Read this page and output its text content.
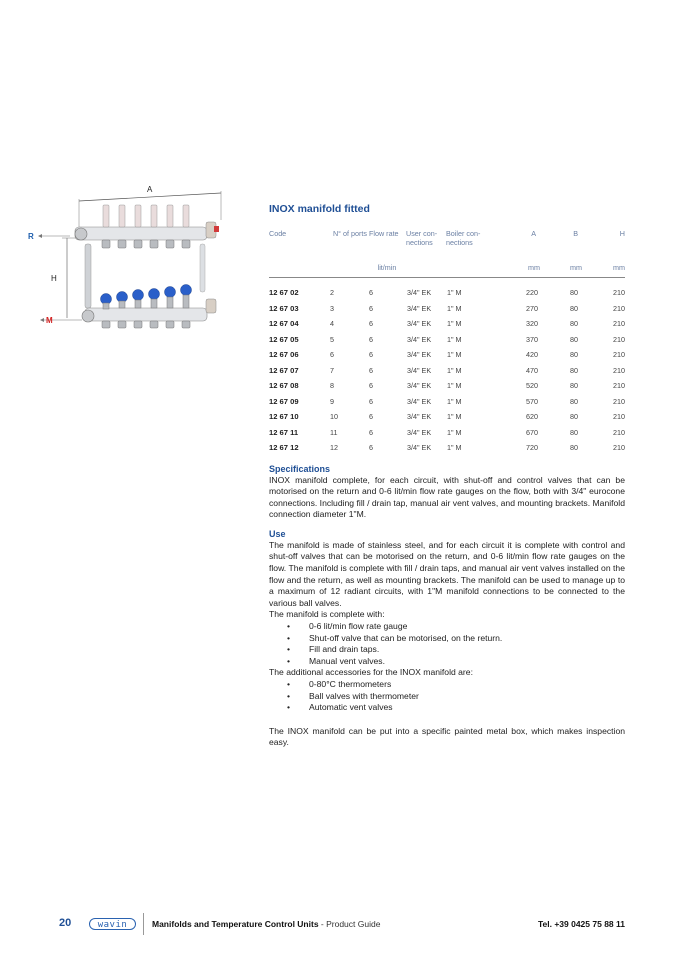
A
R
M
H
INOX manifold fitted
Code	N° of ports	Flow rate	User con-
nections	Boiler con-
nections	A	B	H
		lit/min			mm	mm	mm

12 67 02	2	6	3/4" EK	1" M	220	80	210
12 67 03	3	6	3/4" EK	1" M	270	80	210
12 67 04	4	6	3/4" EK	1" M	320	80	210
12 67 05	5	6	3/4" EK	1" M	370	80	210
12 67 06	6	6	3/4" EK	1" M	420	80	210
12 67 07	7	6	3/4" EK	1" M	470	80	210
12 67 08	8	6	3/4" EK	1" M	520	80	210
12 67 09	9	6	3/4" EK	1" M	570	80	210
12 67 10	10	6	3/4" EK	1" M	620	80	210
12 67 11	11	6	3/4" EK	1" M	670	80	210
12 67 12	12	6	3/4" EK	1" M	720	80	210
Specifications

INOX manifold complete, for each circuit, with shut-off and control valves that can be motorised on the return and 0-6 lit/min flow rate gauges on the flow, both with 3/4" eurocone connections. Including fill / drain tap, manual air vent valves, and mounting brackets. Manifold connection diameter 1"M.

Use

The manifold is made of stainless steel, and for each circuit it is complete with control and shut-off valves that can be motorised on the return, and 0-6 lit/min flow rate gauges on the flow. The manifold is complete with fill / drain taps, and manual air vent valves installed on the flow and the return, as well as mounting brackets. The manifold can be used to manage up to a maximum of 12 radiant circuits, with 1"M manifold connections to be connected to the various ball valves.

The manifold is complete with:

• 0-6 lit/min flow rate gauge
• Shut-off valve that can be motorised, on the return.
• Fill and drain taps.
• Manual vent valves.

The additional accessories for the INOX manifold are:

• 0-80°C thermometers
• Ball valves with thermometer
• Automatic vent valves

The INOX manifold can be put into a specific painted metal box, which makes inspection easy.

20	wavin	Manifolds and Temperature Control Units - Product Guide	Tel. +39 0425 75 88 11
